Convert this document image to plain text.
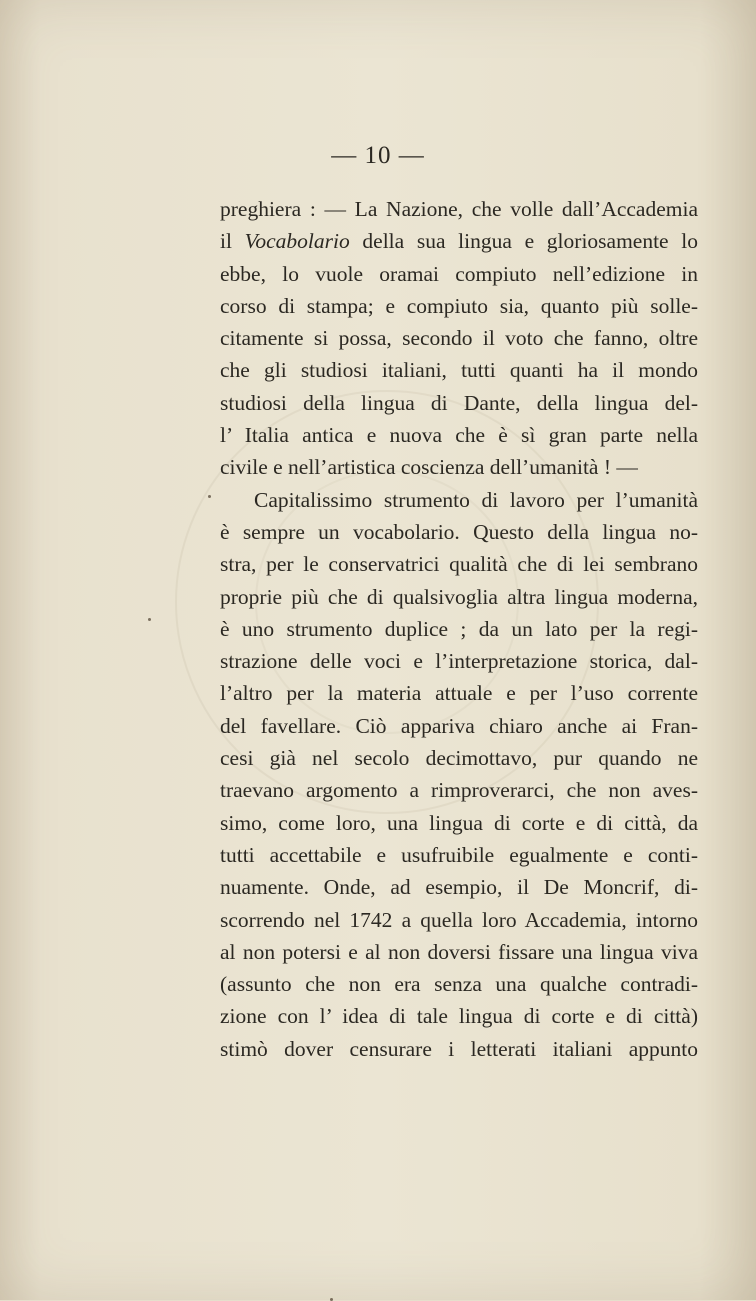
— 10 —
preghiera : — La Nazione, che volle dall’Accademia
il Vocabolario della sua lingua e gloriosamente lo
ebbe, lo vuole oramai compiuto nell’edizione in
corso di stampa; e compiuto sia, quanto più solle-
citamente si possa, secondo il voto che fanno, oltre
che gli studiosi italiani, tutti quanti ha il mondo
studiosi della lingua di Dante, della lingua del-
l’ Italia antica e nuova che è sì gran parte nella
civile e nell’artistica coscienza dell’umanità ! —
Capitalissimo strumento di lavoro per l’umanità
è sempre un vocabolario. Questo della lingua no-
stra, per le conservatrici qualità che di lei sembrano
proprie più che di qualsivoglia altra lingua moderna,
è uno strumento duplice ; da un lato per la regi-
strazione delle voci e l’interpretazione storica, dal-
l’altro per la materia attuale e per l’uso corrente
del favellare. Ciò appariva chiaro anche ai Fran-
cesi già nel secolo decimottavo, pur quando ne
traevano argomento a rimproverarci, che non aves-
simo, come loro, una lingua di corte e di città, da
tutti accettabile e usufruibile egualmente e conti-
nuamente. Onde, ad esempio, il De Moncrif, di-
scorrendo nel 1742 a quella loro Accademia, intorno
al non potersi e al non doversi fissare una lingua viva
(assunto che non era senza una qualche contradi-
zione con l’ idea di tale lingua di corte e di città)
stimò dover censurare i letterati italiani appunto
